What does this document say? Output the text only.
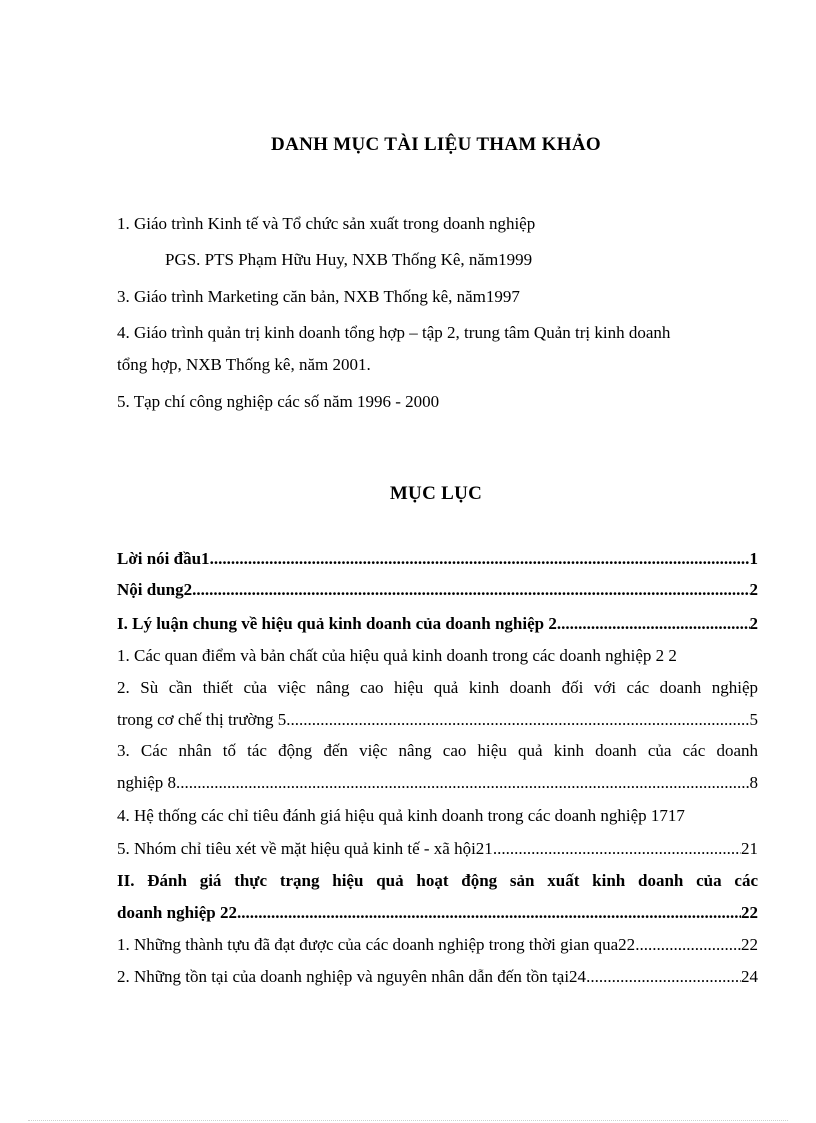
DANH MỤC TÀI LIỆU THAM KHẢO
1. Giáo trình Kinh tế và Tổ chức sản xuất trong doanh nghiệp
PGS. PTS Phạm Hữu Huy, NXB Thống Kê, năm1999
3. Giáo trình Marketing căn bản, NXB Thống kê, năm1997
4. Giáo trình quản trị kinh doanh tổng hợp – tập 2, trung tâm Quản trị kinh doanh
tổng hợp, NXB Thống kê, năm 2001.
5. Tạp chí công nghiệp các số năm 1996 - 2000
MỤC LỤC
Lời nói đầu1 .....	1
Nội dung2 .....	2
I. Lý luận chung về hiệu quả kinh doanh của doanh nghiệp 2 .....	2
1. Các quan điểm và bản chất của hiệu quả kinh doanh trong các doanh nghiệp 2 2
2. Sù cần thiết của việc nâng cao hiệu quả kinh doanh đối với các doanh nghiệp
trong cơ chế thị trường 5 .....	5
3. Các nhân tố tác động đến việc nâng cao hiệu quả kinh doanh của các doanh
nghiệp 8 .....	8
4. Hệ thống các chỉ tiêu đánh giá hiệu quả kinh doanh trong các doanh nghiệp 1717
5. Nhóm chỉ tiêu xét về mặt hiệu quả kinh tế - xã hội21 .....	21
II. Đánh giá thực trạng hiệu quả hoạt động sản xuất kinh doanh của các
doanh nghiệp 22 .....	22
1. Những thành tựu đã đạt được của các doanh nghiệp trong thời gian qua22 .....	22
2. Những tồn tại của doanh nghiệp và nguyên nhân dẫn đến tồn tại24 .....	24
